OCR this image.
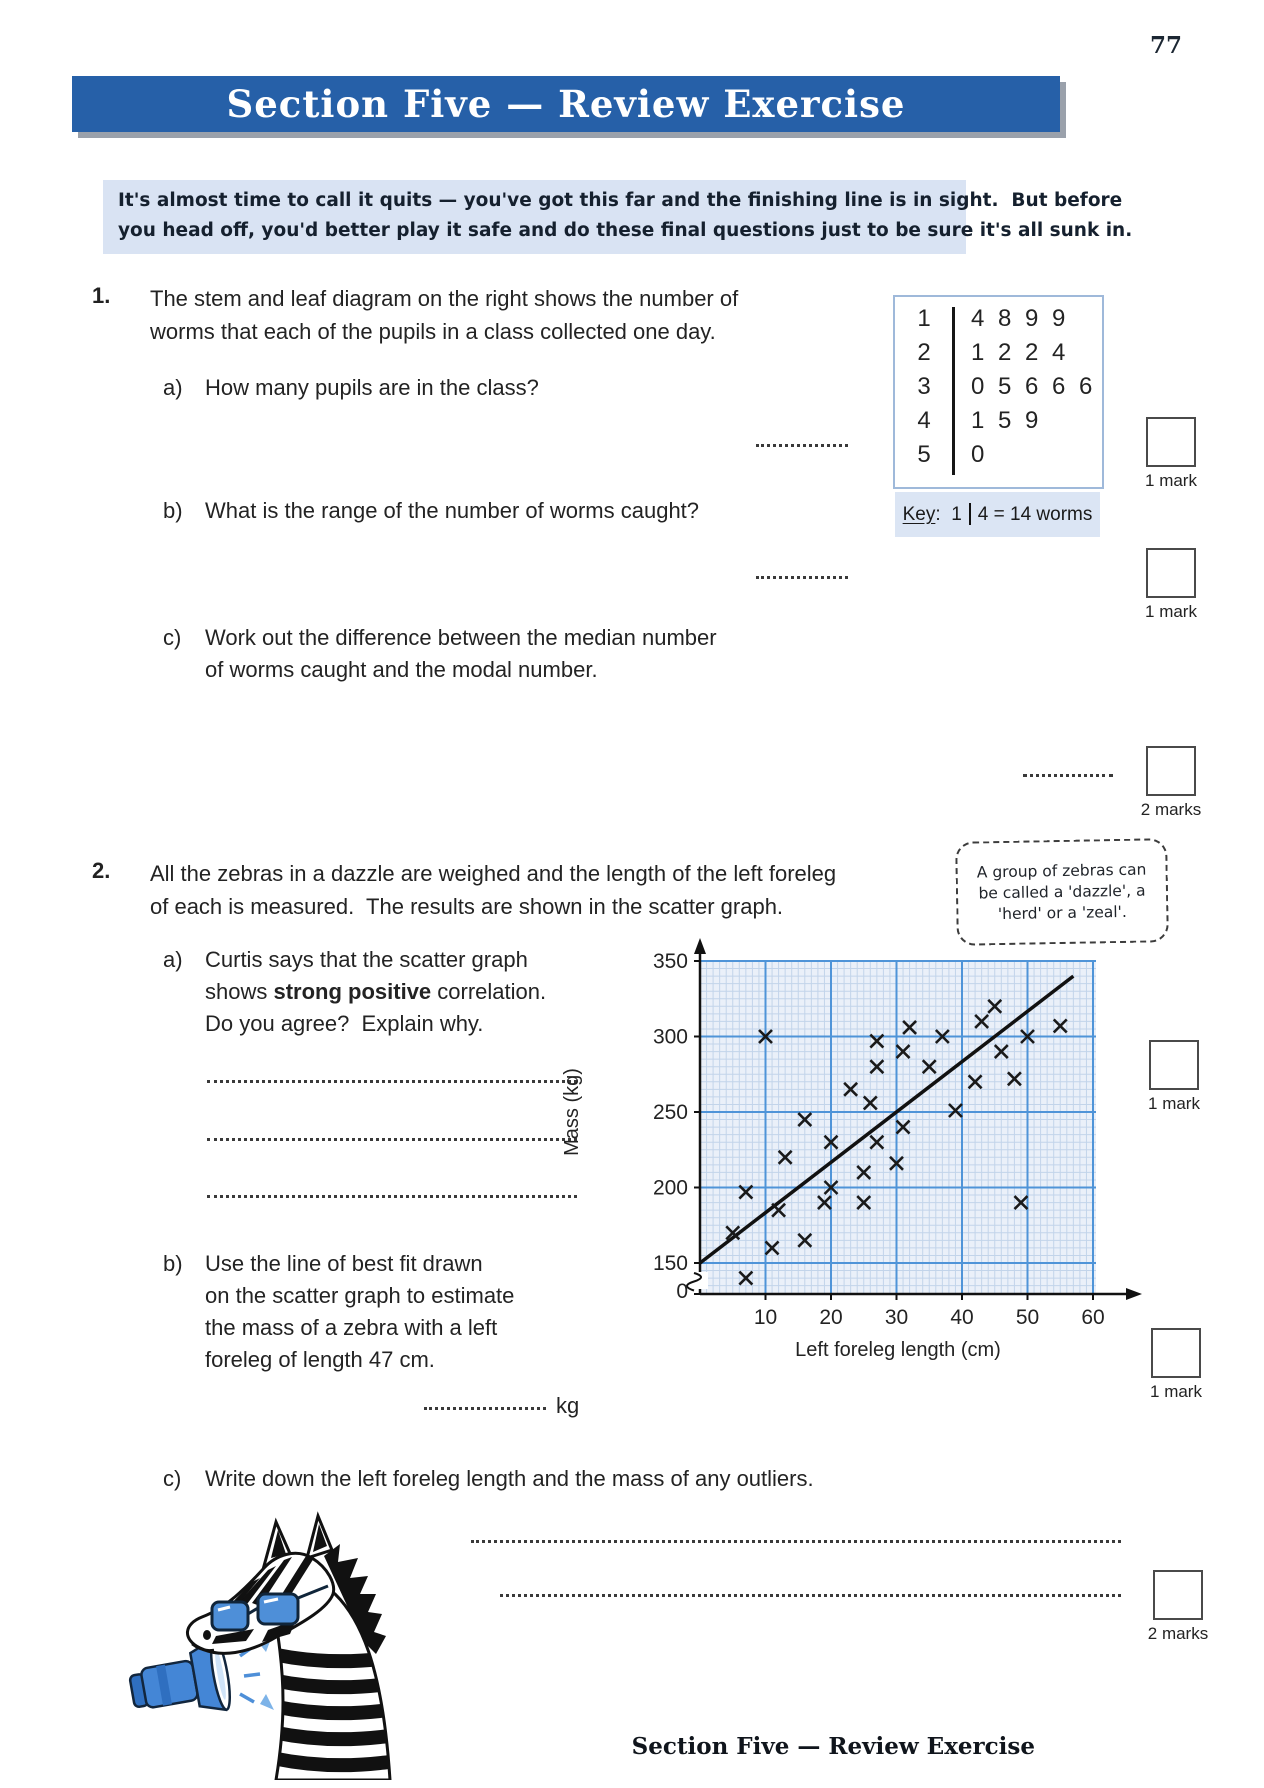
77
Section Five — Review Exercise
It's almost time to call it quits — you've got this far and the finishing line is in sight.  But before
you head off, you'd better play it safe and do these final questions just to be sure it's all sunk in.
1. The stem and leaf diagram on the right shows the number of
worms that each of the pupils in a class collected one day.
a) How many pupils are in the class?
b) What is the range of the number of worms caught?
c) Work out the difference between the median number
of worms caught and the modal number.
1	4 8 9 9
2	1 2 2 4
3	0 5 6 6 6
4	1 5 9
5	0
Key:  1 4 = 14 worms
2. All the zebras in a dazzle are weighed and the length of the left foreleg
of each is measured.  The results are shown in the scatter graph.
A group of zebras can
be called a 'dazzle', a
'herd' or a 'zeal'.
a) Curtis says that the scatter graph
shows strong positive correlation.
Do you agree?  Explain why.
350
300
250
200
150
0
10 20 30 40 50 60
Left foreleg length (cm)
Mass (kg)
b) Use the line of best fit drawn
on the scatter graph to estimate
the mass of a zebra with a left
foreleg of length 47 cm.
kg
c) Write down the left foreleg length and the mass of any outliers.
1 mark
1 mark
2 marks
1 mark
1 mark
2 marks
Section Five — Review Exercise
